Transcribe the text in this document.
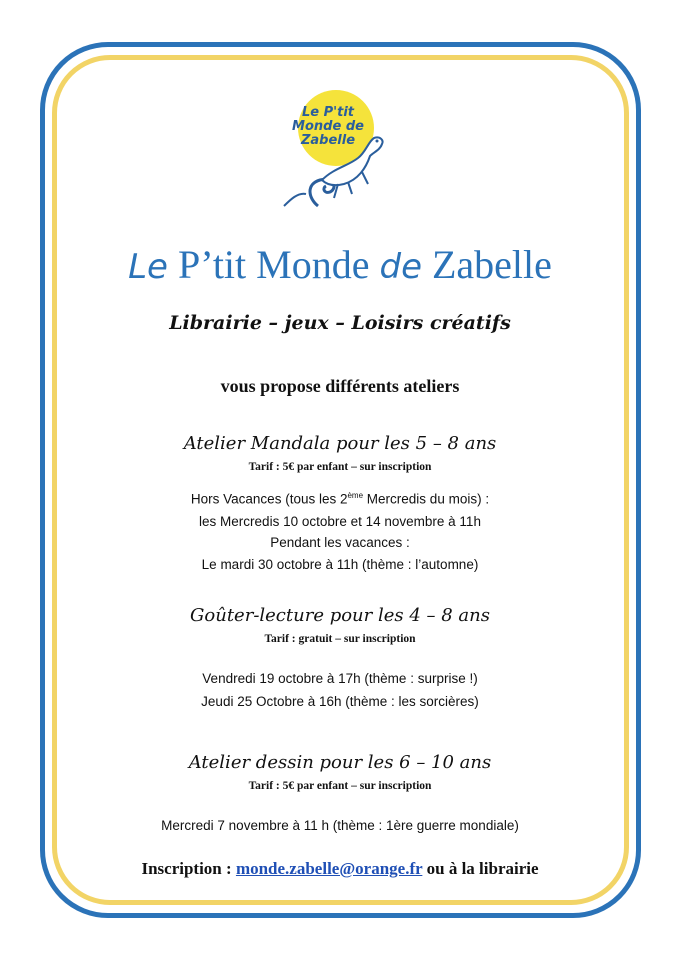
Le P'tit
Monde de
Zabelle
Le P’tit Monde de Zabelle
Librairie – jeux – Loisirs créatifs
vous propose différents ateliers
Atelier Mandala pour les 5 – 8 ans
Tarif : 5€ par enfant – sur inscription
Hors Vacances (tous les 2ème Mercredis du mois) :
les Mercredis 10 octobre et 14 novembre à 11h
Pendant les vacances :
Le mardi 30 octobre à 11h (thème : l’automne)
Goûter-lecture pour les 4 – 8 ans
Tarif : gratuit – sur inscription
Vendredi 19 octobre à 17h (thème : surprise !)
Jeudi 25 Octobre à 16h (thème : les sorcières)
Atelier dessin pour les 6 – 10 ans
Tarif : 5€ par enfant – sur inscription
Mercredi 7 novembre à 11 h (thème : 1ère guerre mondiale)
Inscription : monde.zabelle@orange.fr ou à la librairie
